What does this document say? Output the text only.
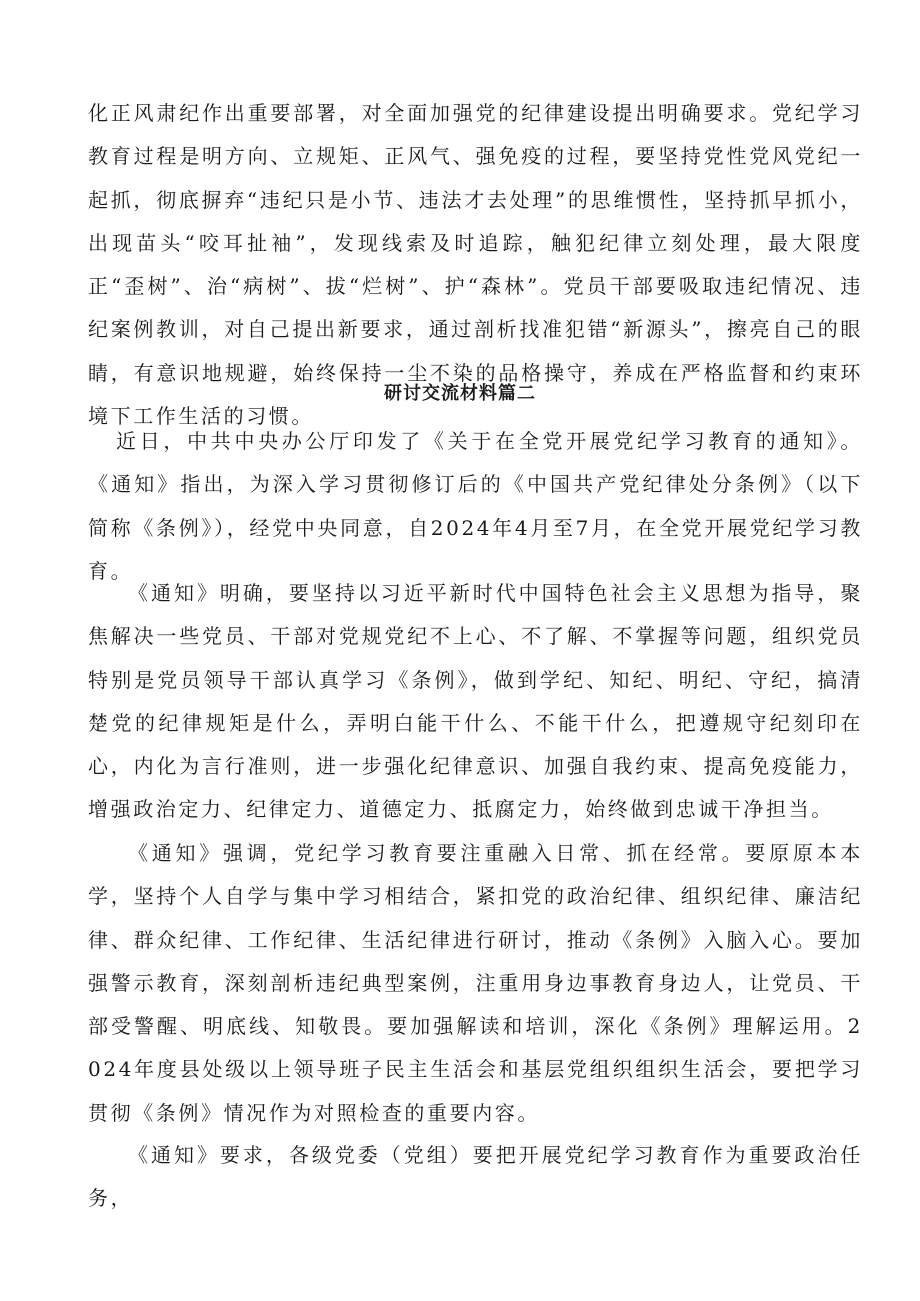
化正风肃纪作出重要部署，对全面加强党的纪律建设提出明确要求。党纪学习教育过程是明方向、立规矩、正风气、强免疫的过程，要坚持党性党风党纪一起抓，彻底摒弃“违纪只是小节、违法才去处理”的思维惯性，坚持抓早抓小，出现苗头“咬耳扯袖”，发现线索及时追踪，触犯纪律立刻处理，最大限度正“歪树”、治“病树”、拔“烂树”、护“森林”。党员干部要吸取违纪情况、违纪案例教训，对自己提出新要求，通过剖析找准犯错“新源头”，擦亮自己的眼睛，有意识地规避，始终保持一尘不染的品格操守，养成在严格监督和约束环境下工作生活的习惯。

研讨交流材料篇二

近日，中共中央办公厅印发了《关于在全党开展党纪学习教育的通知》。《通知》指出，为深入学习贯彻修订后的《中国共产党纪律处分条例》（以下简称《条例》），经党中央同意，自2024年4月至7月，在全党开展党纪学习教育。

《通知》明确，要坚持以习近平新时代中国特色社会主义思想为指导，聚焦解决一些党员、干部对党规党纪不上心、不了解、不掌握等问题，组织党员特别是党员领导干部认真学习《条例》，做到学纪、知纪、明纪、守纪，搞清楚党的纪律规矩是什么，弄明白能干什么、不能干什么，把遵规守纪刻印在心，内化为言行准则，进一步强化纪律意识、加强自我约束、提高免疫能力，增强政治定力、纪律定力、道德定力、抵腐定力，始终做到忠诚干净担当。

《通知》强调，党纪学习教育要注重融入日常、抓在经常。要原原本本学，坚持个人自学与集中学习相结合，紧扣党的政治纪律、组织纪律、廉洁纪律、群众纪律、工作纪律、生活纪律进行研讨，推动《条例》入脑入心。要加强警示教育，深刻剖析违纪典型案例，注重用身边事教育身边人，让党员、干部受警醒、明底线、知敬畏。要加强解读和培训，深化《条例》理解运用。2024年度县处级以上领导班子民主生活会和基层党组织组织生活会，要把学习贯彻《条例》情况作为对照检查的重要内容。

《通知》要求，各级党委（党组）要把开展党纪学习教育作为重要政治任务，
